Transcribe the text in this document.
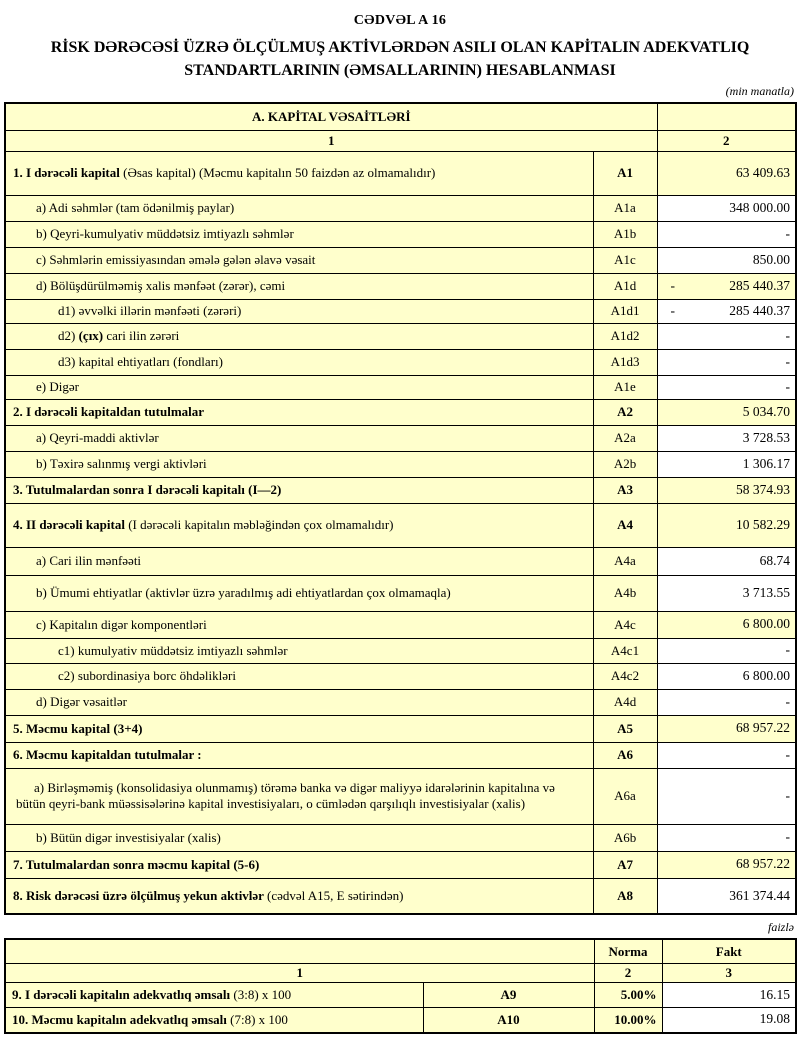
CƏDVƏL A 16
RİSK DƏRƏCƏSİ ÜZRƏ ÖLÇÜLMUŞ AKTİVLƏRDƏN ASILI OLAN KAPİTALIN ADEKVATLIQ
STANDARTLARININ (ƏMSALLARININ) HESABLANMASI
(min manatla)
A. KAPİTAL VƏSAİTLƏRİ		
1		2
1. I dərəcəli kapital (Əsas kapital) (Məcmu kapitalın 50 faizdən az olmamalıdır)	A1	63 409.63
a) Adi səhmlər (tam ödənilmiş paylar)	A1a	348 000.00
b) Qeyri-kumulyativ müddətsiz imtiyazlı səhmlər	A1b	-
c) Səhmlərin emissiyasından əmələ gələn əlavə vəsait	A1c	850.00
d) Bölüşdürülməmiş xalis mənfəət (zərər), cəmi	A1d	- 285 440.37

d1) əvvəlki illərin mənfəəti (zərəri)	A1d1	- 285 440.37

d2) (çıx) cari ilin zərəri	A1d2	-
d3) kapital ehtiyatları (fondları)	A1d3	-
e) Digər	A1e	-
2. I dərəcəli kapitaldan tutulmalar	A2	5 034.70
a) Qeyri-maddi aktivlər	A2a	3 728.53
b) Təxirə salınmış vergi aktivləri	A2b	1 306.17
3. Tutulmalardan sonra I dərəcəli kapitalı (I—2)	A3	58 374.93
4. II dərəcəli kapital (I dərəcəli kapitalın məbləğindən çox olmamalıdır)	A4	10 582.29
a) Cari ilin mənfəəti	A4a	68.74
b) Ümumi ehtiyatlar (aktivlər üzrə yaradılmış adi ehtiyatlardan çox olmamaqla)	A4b	3 713.55
c) Kapitalın digər komponentləri	A4c	6 800.00
c1) kumulyativ müddətsiz imtiyazlı səhmlər	A4c1	-
c2) subordinasiya borc öhdəlikləri	A4c2	6 800.00
d) Digər vəsaitlər	A4d	-
5. Məcmu kapital (3+4)	A5	68 957.22
6. Məcmu kapitaldan tutulmalar :	A6	-
a) Birləşməmiş (konsolidasiya olunmamış) törəmə banka və digər maliyyə idarələrinin kapitalına və bütün qeyri-bank müəssisələrinə kapital investisiyaları, o cümlədən qarşılıqlı investisiyalar (xalis)	A6a	-
b) Bütün digər investisiyalar (xalis)	A6b	-
7. Tutulmalardan sonra məcmu kapital (5-6)	A7	68 957.22
8. Risk dərəcəsi üzrə ölçülmuş yekun aktivlər (cədvəl A15, E sətirindən)	A8	361 374.44
faizlə
		Norma	Fakt
1		2	3
9. I dərəcəli kapitalın adekvatlıq əmsalı (3:8) x 100	A9	5.00%	16.15
10. Məcmu kapitalın adekvatlıq əmsalı (7:8) x 100	A10	10.00%	19.08
